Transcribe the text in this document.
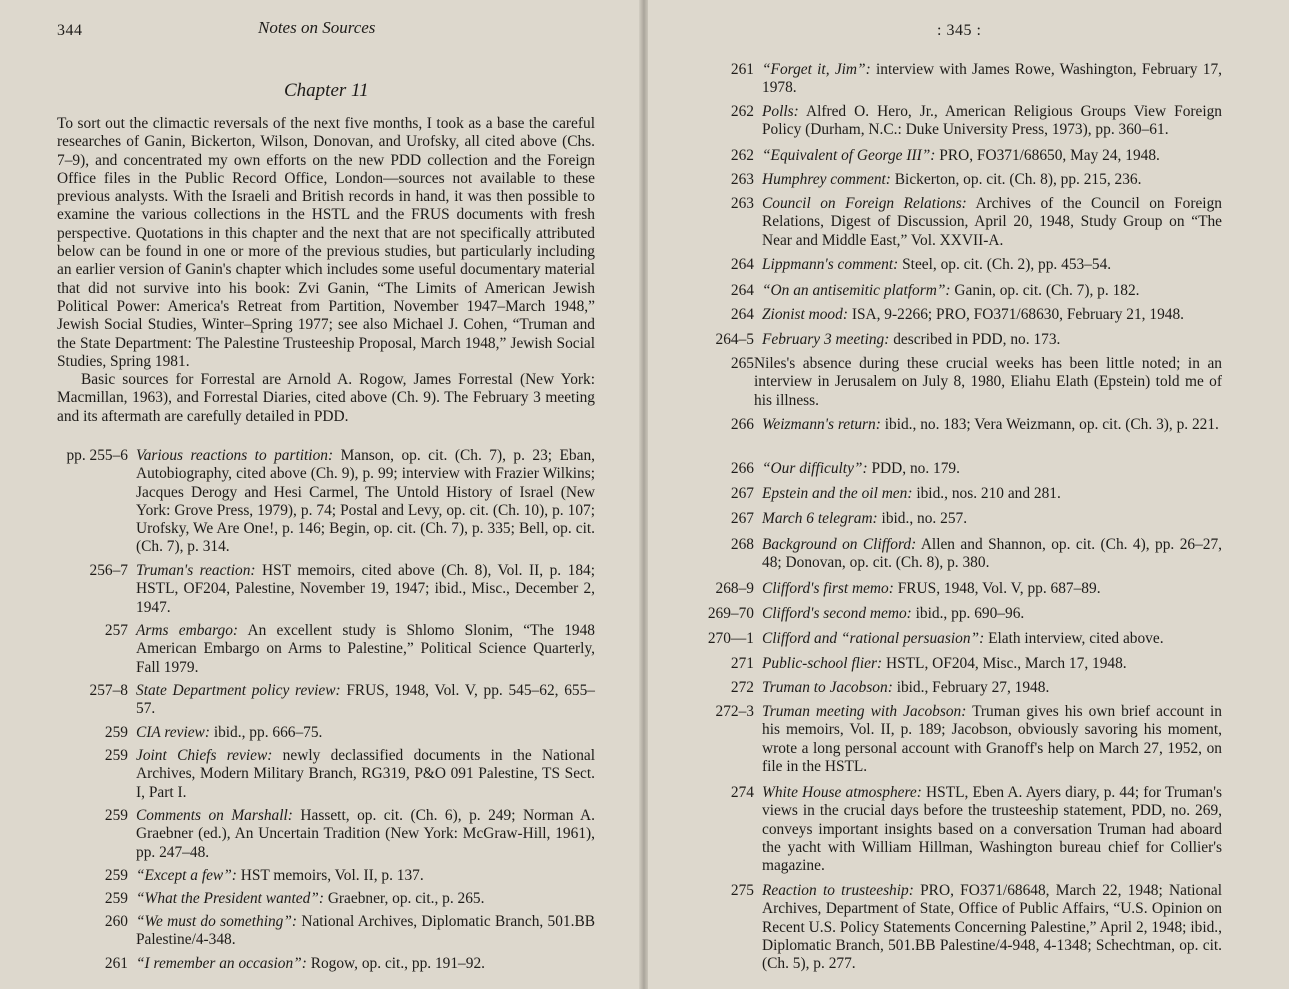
344	Notes on Sources
Chapter 11

To sort out the climactic reversals of the next five months, I took as a base the careful researches of Ganin, Bickerton, Wilson, Donovan, and Urofsky, all cited above (Chs. 7–9), and concentrated my own efforts on the new PDD collection and the Foreign Office files in the Public Record Office, London—sources not available to these previous analysts. With the Israeli and British records in hand, it was then possible to examine the various collections in the HSTL and the FRUS documents with fresh perspective. Quotations in this chapter and the next that are not specifically attributed below can be found in one or more of the previous studies, but particularly including an earlier version of Ganin's chapter which includes some useful documentary material that did not survive into his book: Zvi Ganin, “The Limits of American Jewish Political Power: America's Retreat from Partition, November 1947–March 1948,” Jewish Social Studies, Winter–Spring 1977; see also Michael J. Cohen, “Truman and the State Department: The Palestine Trusteeship Proposal, March 1948,” Jewish Social Studies, Spring 1981.

Basic sources for Forrestal are Arnold A. Rogow, James Forrestal (New York: Macmillan, 1963), and Forrestal Diaries, cited above (Ch. 9). The February 3 meeting and its aftermath are carefully detailed in PDD.

pp. 255–6 Various reactions to partition: Manson, op. cit. (Ch. 7), p. 23; Eban, Autobiography, cited above (Ch. 9), p. 99; interview with Frazier Wilkins; Jacques Derogy and Hesi Carmel, The Untold History of Israel (New York: Grove Press, 1979), p. 74; Postal and Levy, op. cit. (Ch. 10), p. 107; Urofsky, We Are One!, p. 146; Begin, op. cit. (Ch. 7), p. 335; Bell, op. cit. (Ch. 7), p. 314.
256–7 Truman's reaction: HST memoirs, cited above (Ch. 8), Vol. II, p. 184; HSTL, OF204, Palestine, November 19, 1947; ibid., Misc., December 2, 1947.
257 Arms embargo: An excellent study is Shlomo Slonim, “The 1948 American Embargo on Arms to Palestine,” Political Science Quarterly, Fall 1979.
257–8 State Department policy review: FRUS, 1948, Vol. V, pp. 545–62, 655–57.
259 CIA review: ibid., pp. 666–75.
259 Joint Chiefs review: newly declassified documents in the National Archives, Modern Military Branch, RG319, P&O 091 Palestine, TS Sect. I, Part I.
259 Comments on Marshall: Hassett, op. cit. (Ch. 6), p. 249; Norman A. Graebner (ed.), An Uncertain Tradition (New York: McGraw-Hill, 1961), pp. 247–48.
259 “Except a few”: HST memoirs, Vol. II, p. 137.
259 “What the President wanted”: Graebner, op. cit., p. 265.
260 “We must do something”: National Archives, Diplomatic Branch, 501.BB Palestine/4-348.
261 “I remember an occasion”: Rogow, op. cit., pp. 191–92.
: 345 :
261 “Forget it, Jim”: interview with James Rowe, Washington, February 17, 1978.
262 Polls: Alfred O. Hero, Jr., American Religious Groups View Foreign Policy (Durham, N.C.: Duke University Press, 1973), pp. 360–61.
262 “Equivalent of George III”: PRO, FO371/68650, May 24, 1948.
263 Humphrey comment: Bickerton, op. cit. (Ch. 8), pp. 215, 236.
263 Council on Foreign Relations: Archives of the Council on Foreign Relations, Digest of Discussion, April 20, 1948, Study Group on “The Near and Middle East,” Vol. XXVII-A.
264 Lippmann's comment: Steel, op. cit. (Ch. 2), pp. 453–54.
264 “On an antisemitic platform”: Ganin, op. cit. (Ch. 7), p. 182.
264 Zionist mood: ISA, 9-2266; PRO, FO371/68630, February 21, 1948.
264–5 February 3 meeting: described in PDD, no. 173.
265 Niles's absence during these crucial weeks has been little noted; in an interview in Jerusalem on July 8, 1980, Eliahu Elath (Epstein) told me of his illness.
266 Weizmann's return: ibid., no. 183; Vera Weizmann, op. cit. (Ch. 3), p. 221.
266 “Our difficulty”: PDD, no. 179.
267 Epstein and the oil men: ibid., nos. 210 and 281.
267 March 6 telegram: ibid., no. 257.
268 Background on Clifford: Allen and Shannon, op. cit. (Ch. 4), pp. 26–27, 48; Donovan, op. cit. (Ch. 8), p. 380.
268–9 Clifford's first memo: FRUS, 1948, Vol. V, pp. 687–89.
269–70 Clifford's second memo: ibid., pp. 690–96.
270—1 Clifford and “rational persuasion”: Elath interview, cited above.
271 Public-school flier: HSTL, OF204, Misc., March 17, 1948.
272 Truman to Jacobson: ibid., February 27, 1948.
272–3 Truman meeting with Jacobson: Truman gives his own brief account in his memoirs, Vol. II, p. 189; Jacobson, obviously savoring his moment, wrote a long personal account with Granoff's help on March 27, 1952, on file in the HSTL.
274 White House atmosphere: HSTL, Eben A. Ayers diary, p. 44; for Truman's views in the crucial days before the trusteeship statement, PDD, no. 269, conveys important insights based on a conversation Truman had aboard the yacht with William Hillman, Washington bureau chief for Collier's magazine.
275 Reaction to trusteeship: PRO, FO371/68648, March 22, 1948; National Archives, Department of State, Office of Public Affairs, “U.S. Opinion on Recent U.S. Policy Statements Concerning Palestine,” April 2, 1948; ibid., Diplomatic Branch, 501.BB Palestine/4-948, 4-1348; Schechtman, op. cit. (Ch. 5), p. 277.
